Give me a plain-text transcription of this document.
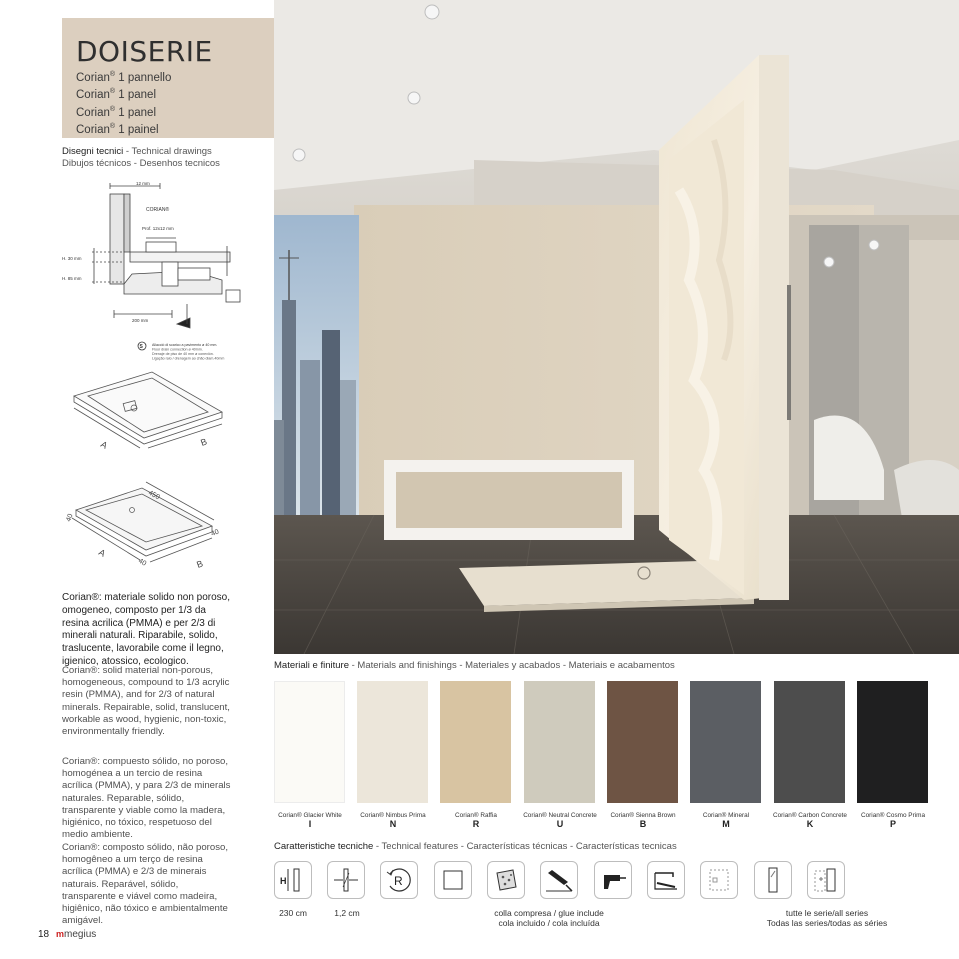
DOISERIE
Corian® 1 pannello
Corian® 1 panel
Corian® 1 panel
Corian® 1 painel
Disegni tecnici - Technical drawings
Dibujos técnicos - Desenhos tecnicos
12 mm
CORIAN®
Prof. 12x12 mm
H. 30 mm
H. 85 mm
200 mm
S	Allacció di scarico a pavimento ø 40 mm.
Floor drain connection ø 40mm.
Drenaje de piso de 40 mm ø conexión.
Ligação ralo / drenagem ao chão diam.40mm
A	B
450
40
40
40
A
B
Corian®: materiale solido non poroso, omogeneo, composto per 1/3 da resina acrilica (PMMA) e per 2/3 di minerali naturali. Riparabile, solido, traslucente, lavorabile come il legno, igienico, atossico, ecologico.
Corian®: solid material non-porous, homogeneous, compound to 1/3 acrylic resin (PMMA), and for 2/3 of natural minerals. Repairable, solid, translucent, workable as wood, hygienic, non-toxic, environmentally friendly.
Corian®: compuesto sólido, no poroso, homogénea a un tercio de resina acrílica (PMMA), y para 2/3 de minerals naturales. Reparable, sólido, transparente y viable como la madera, higiénico, no tóxico, respetuoso del medio ambiente.
Corian®: composto sólido, não poroso, homogêneo a um terço de resina acrílica (PMMA) e 2/3 de minerais naturais. Reparável, sólido, transparente e viável como madeira, higiênico, não tóxico e ambientalmente amigável.
18 mmegius
Materiali e finiture - Materials and finishings - Materiales y acabados - Materiais e acabamentos
Corian® Glacier White
I
Corian® Nimbus Prima
N
Corian® Raffia
R
Corian® Neutral Concrete
U
Corian® Sienna Brown
B
Corian® Mineral
M
Corian® Carbon Concrete
K
Corian® Cosmo Prima
P
Caratteristiche tecniche - Technical features - Características técnicas - Características tecnicas
H	R
230 cm	1,2 cm	colla compresa / glue include
cola incluido / cola incluída
tutte le serie/all series
Todas las series/todas as séries
